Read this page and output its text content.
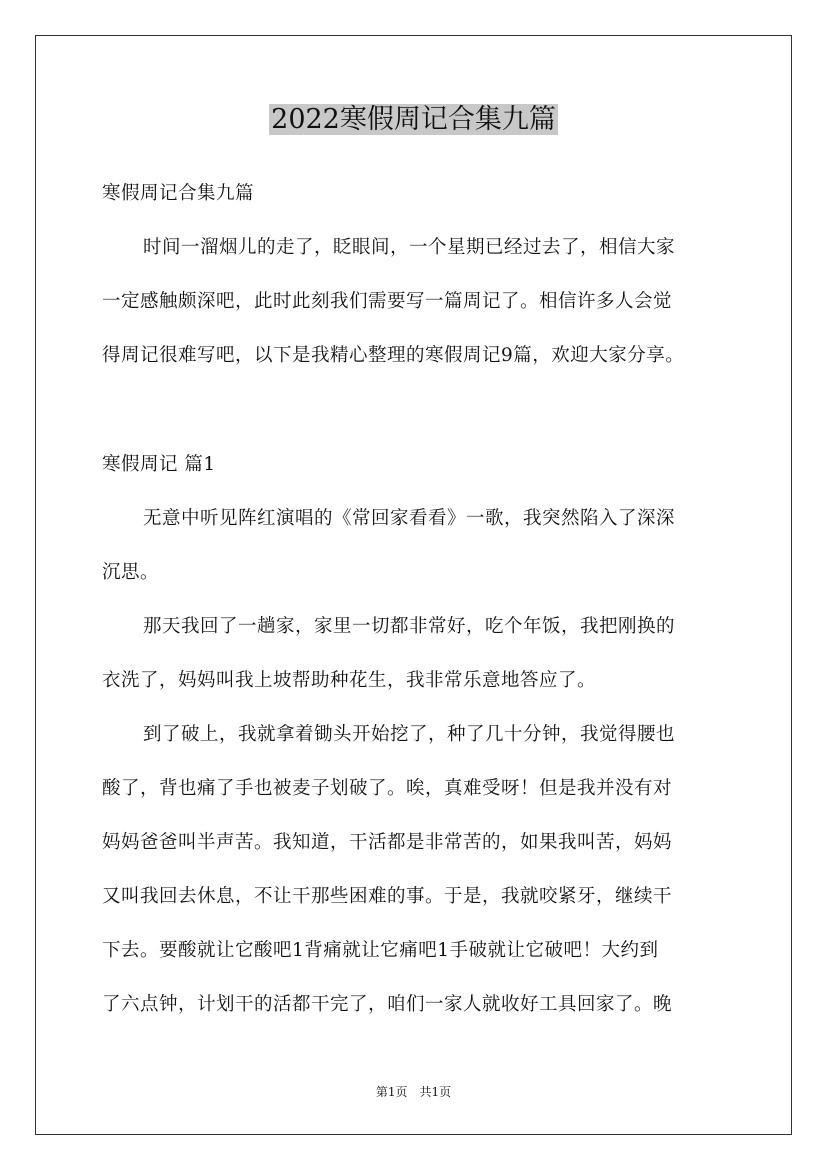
2022寒假周记合集九篇
寒假周记合集九篇
时间一溜烟儿的走了，眨眼间，一个星期已经过去了，相信大家
一定感触颇深吧，此时此刻我们需要写一篇周记了。相信许多人会觉
得周记很难写吧，以下是我精心整理的寒假周记9篇，欢迎大家分享。
寒假周记 篇1
无意中听见阵红演唱的《常回家看看》一歌，我突然陷入了深深
沉思。
那天我回了一趟家，家里一切都非常好，吃个年饭，我把刚换的
衣洗了，妈妈叫我上坡帮助种花生，我非常乐意地答应了。
到了破上，我就拿着锄头开始挖了，种了几十分钟，我觉得腰也
酸了，背也痛了手也被麦子划破了。唉，真难受呀！但是我并没有对
妈妈爸爸叫半声苦。我知道，干活都是非常苦的，如果我叫苦，妈妈
又叫我回去休息，不让干那些困难的事。于是，我就咬紧牙，继续干
下去。要酸就让它酸吧1背痛就让它痛吧1手破就让它破吧！大约到
了六点钟，计划干的活都干完了，咱们一家人就收好工具回家了。晚
第1页　共1页
